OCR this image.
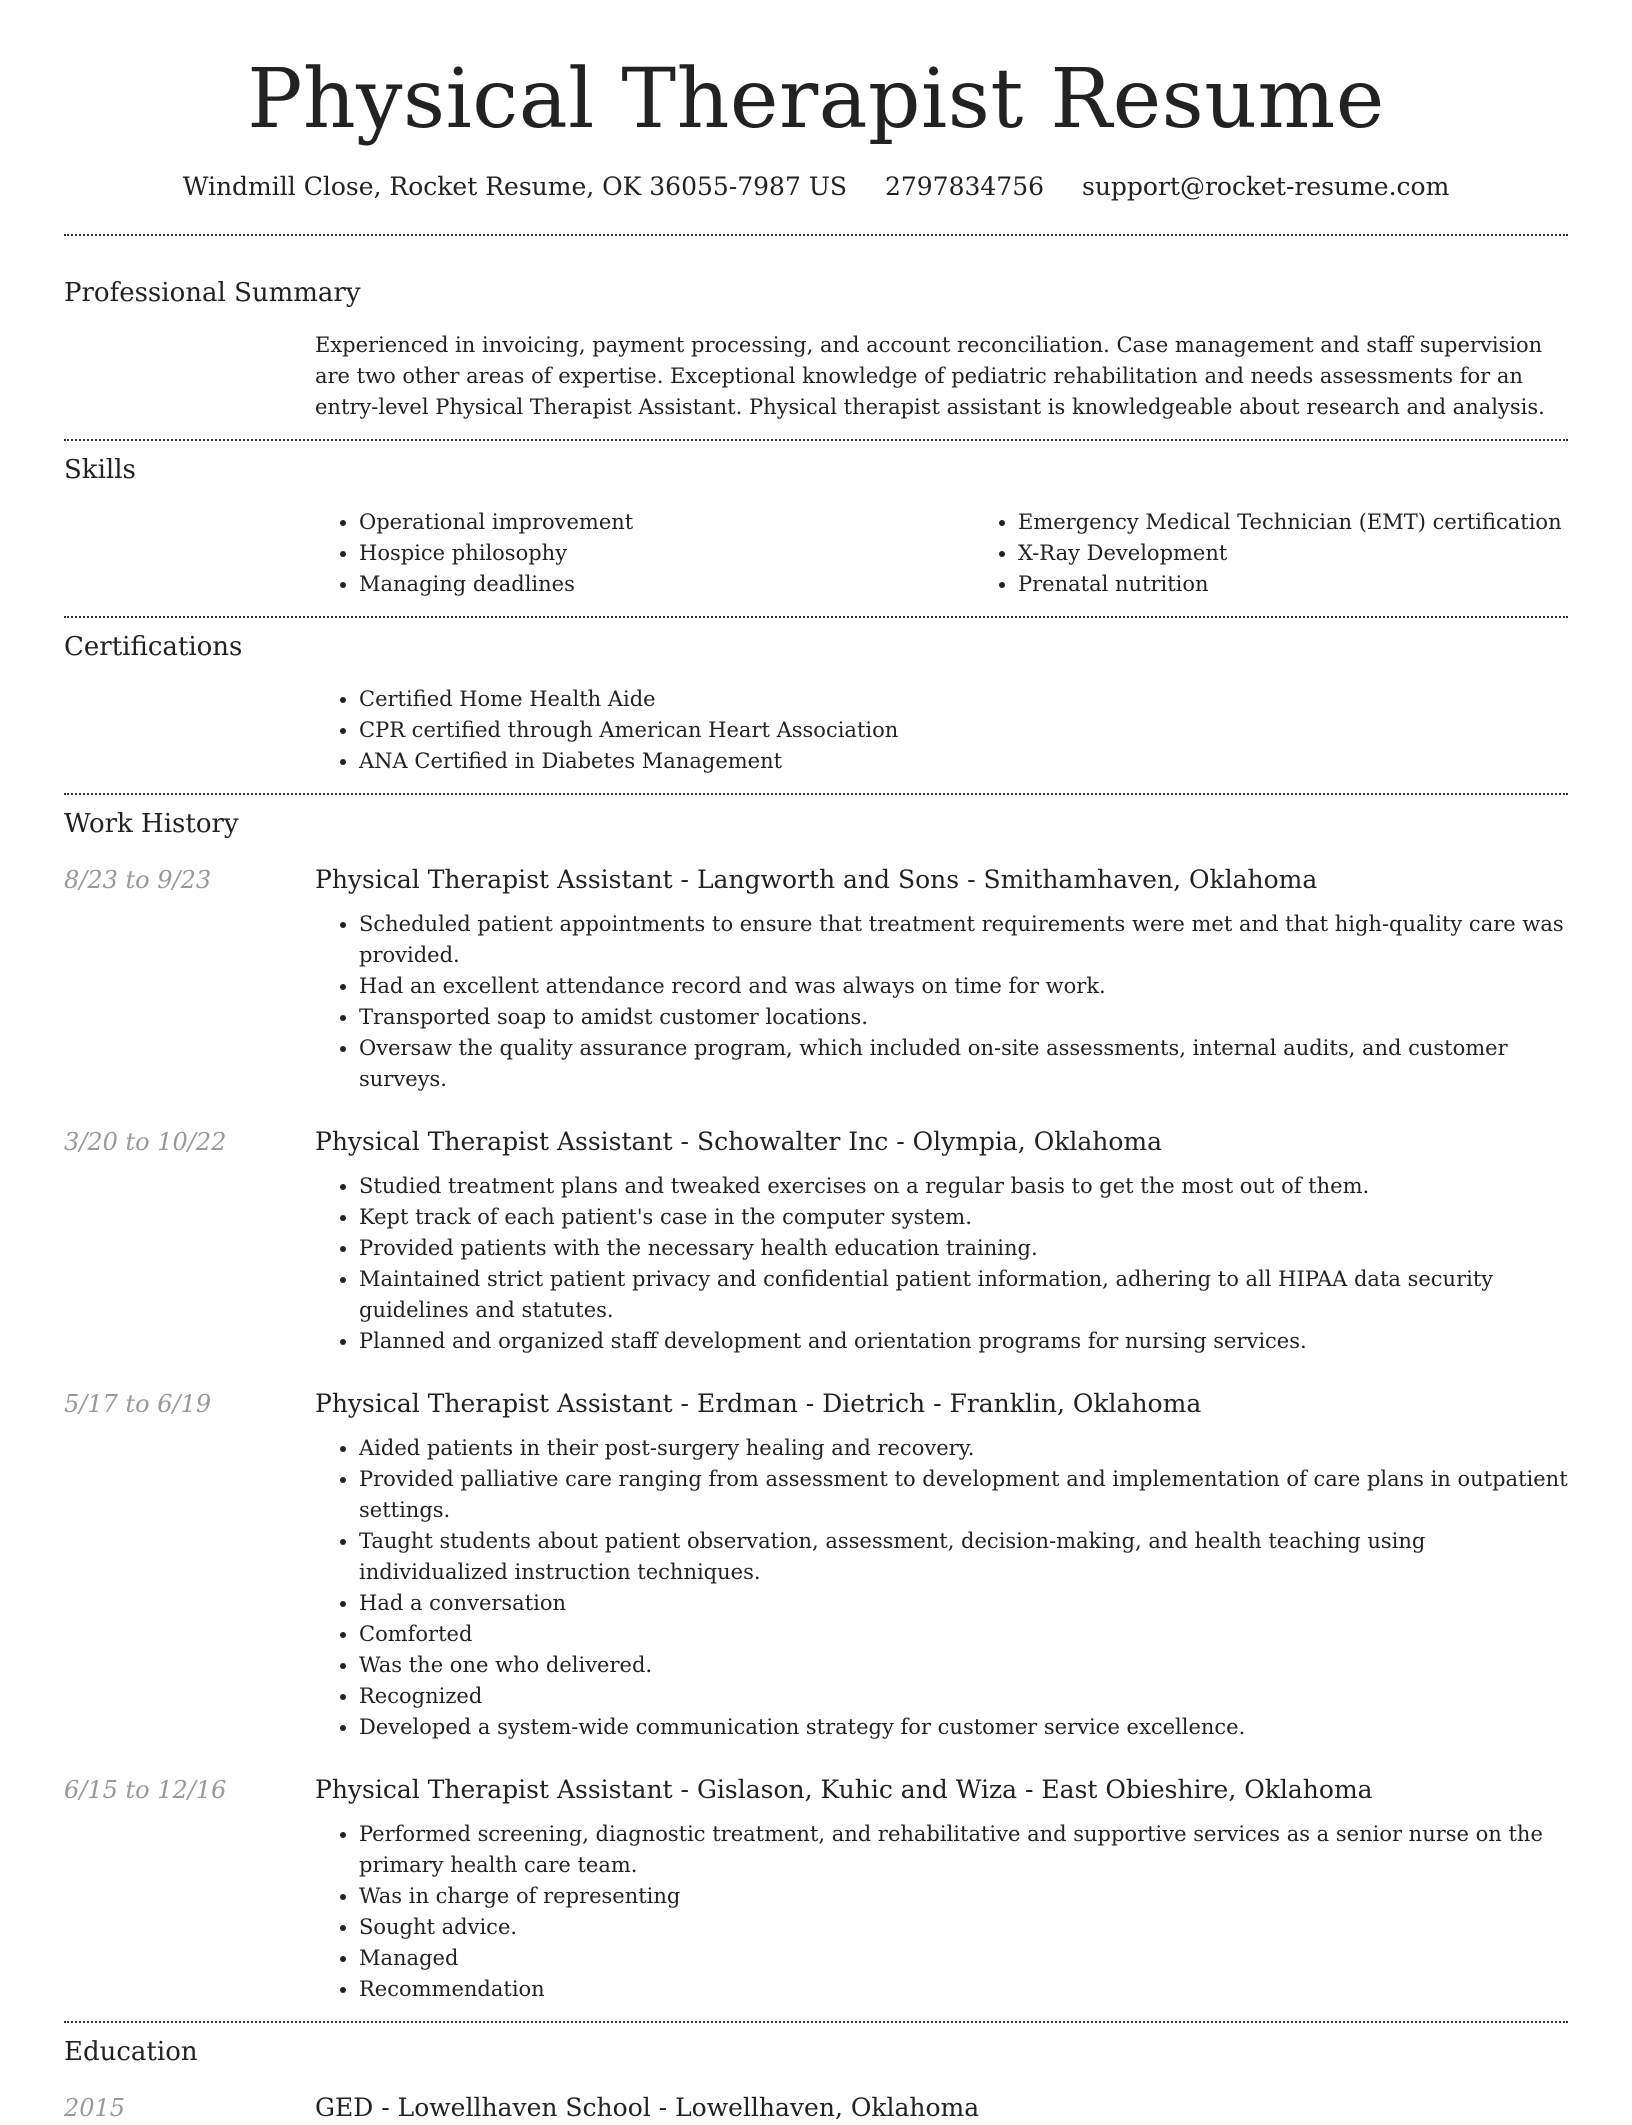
Physical Therapist Resume
Windmill Close, Rocket Resume, OK 36055-7987 US 2797834756 support@rocket-resume.com
Professional Summary
Experienced in invoicing, payment processing, and account reconciliation. Case management and staff supervision are two other areas of expertise. Exceptional knowledge of pediatric rehabilitation and needs assessments for an entry-level Physical Therapist Assistant. Physical therapist assistant is knowledgeable about research and analysis.
Skills
• Operational improvement
• Hospice philosophy
• Managing deadlines
• Emergency Medical Technician (EMT) certification
• X-Ray Development
• Prenatal nutrition
Certifications
• Certified Home Health Aide
• CPR certified through American Heart Association
• ANA Certified in Diabetes Management
Work History
8/23 to 9/23	Physical Therapist Assistant - Langworth and Sons - Smithamhaven, Oklahoma
• Scheduled patient appointments to ensure that treatment requirements were met and that high-quality care was provided.
• Had an excellent attendance record and was always on time for work.
• Transported soap to amidst customer locations.
• Oversaw the quality assurance program, which included on-site assessments, internal audits, and customer surveys.
3/20 to 10/22	Physical Therapist Assistant - Schowalter Inc - Olympia, Oklahoma
• Studied treatment plans and tweaked exercises on a regular basis to get the most out of them.
• Kept track of each patient's case in the computer system.
• Provided patients with the necessary health education training.
• Maintained strict patient privacy and confidential patient information, adhering to all HIPAA data security guidelines and statutes.
• Planned and organized staff development and orientation programs for nursing services.
5/17 to 6/19	Physical Therapist Assistant - Erdman - Dietrich - Franklin, Oklahoma
• Aided patients in their post-surgery healing and recovery.
• Provided palliative care ranging from assessment to development and implementation of care plans in outpatient settings.
• Taught students about patient observation, assessment, decision-making, and health teaching using individualized instruction techniques.
• Had a conversation
• Comforted
• Was the one who delivered.
• Recognized
• Developed a system-wide communication strategy for customer service excellence.
6/15 to 12/16	Physical Therapist Assistant - Gislason, Kuhic and Wiza - East Obieshire, Oklahoma
• Performed screening, diagnostic treatment, and rehabilitative and supportive services as a senior nurse on the primary health care team.
• Was in charge of representing
• Sought advice.
• Managed
• Recommendation
Education
2015	GED - Lowellhaven School - Lowellhaven, Oklahoma
